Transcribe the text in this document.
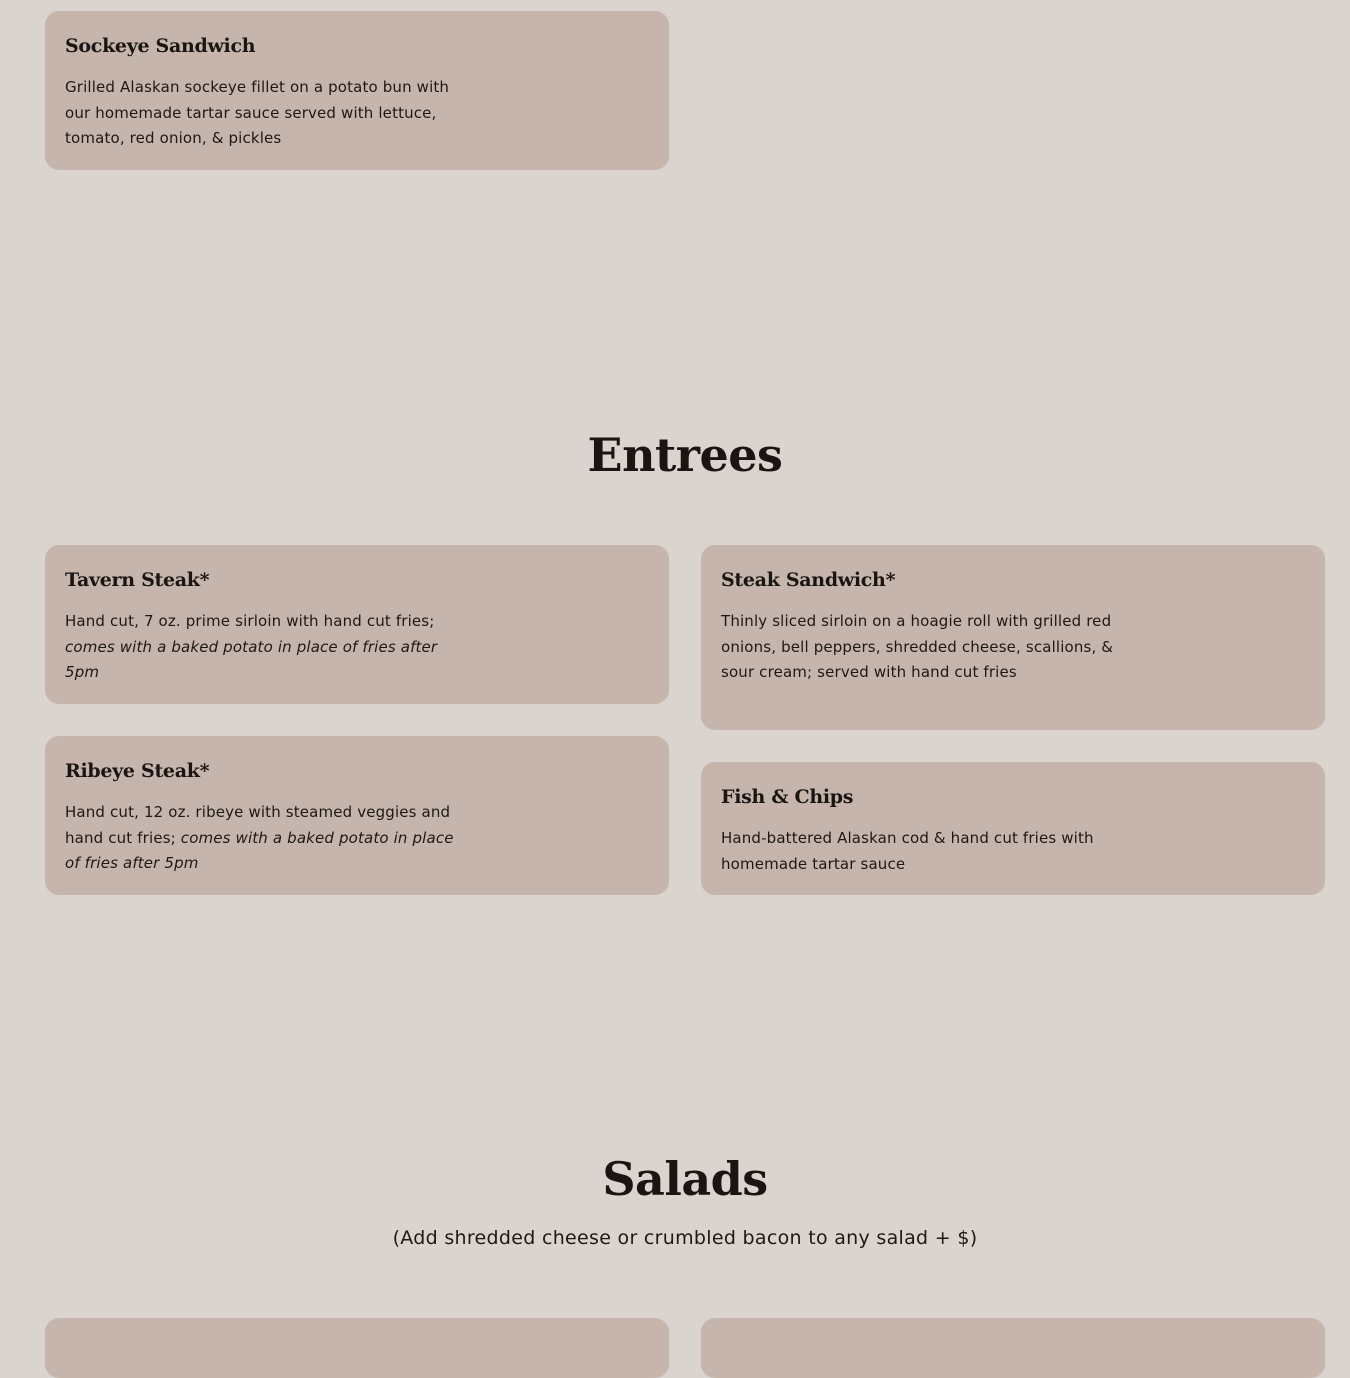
Sockeye Sandwich

Grilled Alaskan sockeye fillet on a potato bun with our homemade tartar sauce served with lettuce, tomato, red onion, & pickles

Entrees
Tavern Steak*

Hand cut, 7 oz. prime sirloin with hand cut fries; comes with a baked potato in place of fries after 5pm

Steak Sandwich*

Thinly sliced sirloin on a hoagie roll with grilled red onions, bell peppers, shredded cheese, scallions, & sour cream; served with hand cut fries

Ribeye Steak*

Hand cut, 12 oz. ribeye with steamed veggies and hand cut fries; comes with a baked potato in place of fries after 5pm

Fish & Chips

Hand-battered Alaskan cod & hand cut fries with homemade tartar sauce

Salads

(Add shredded cheese or crumbled bacon to any salad + $)
